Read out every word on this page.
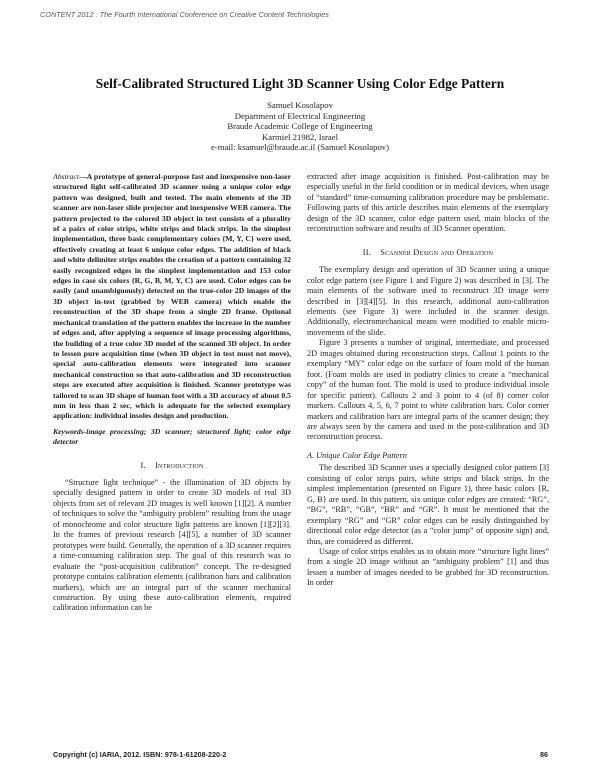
CONTENT 2012 : The Fourth International Conference on Creative Content Technologies
Self-Calibrated Structured Light 3D Scanner Using Color Edge Pattern
Samuel Kosolapov
Department of Electrical Engineering
Braude Academic College of Engineering
Karmiel 21982, Israel
e-mail: ksamuel@braude.ac.il (Samuel Kosolapov)
Abstract—A prototype of general-purpose fast and inexpensive non-laser structured light self-calibrated 3D scanner using a unique color edge pattern was designed, built and tested. The main elements of the 3D scanner are non-laser slide projector and inexpensive WEB camera. The pattern projected to the colored 3D object in test consists of a plurality of a pairs of color strips, white strips and black strips. In the simplest implementation, three basic complementary colors {M, Y, C} were used, effectively creating at least 6 unique color edges. The addition of black and white delimiter strips enables the creation of a pattern containing 32 easily recognized edges in the simplest implementation and 153 color edges in case six colors {R, G, B, M, Y, C} are used. Color edges can be easily (and unambiguously) detected on the true-color 2D images of the 3D object in-test (grabbed by WEB camera) which enable the reconstruction of the 3D shape from a single 2D frame. Optional mechanical translation of the pattern enables the increase in the number of edges and, after applying a sequence of image processing algorithms, the building of a true color 3D model of the scanned 3D object. In order to lessen pure acquisition time (when 3D object in test must not move), special auto-calibration elements were integrated into scanner mechanical construction so that auto-calibration and 3D reconstruction steps are executed after acquisition is finished. Scanner prototype was tailored to scan 3D shape of human foot with a 3D accuracy of about 0.5 mm in less than 2 sec, which is adequate for the selected exemplary application: individual insoles design and production.
Keywords-image processing; 3D scanner; structured light; color edge detector
I. Introduction

“Structure light technique” - the illumination of 3D objects by specially designed pattern in order to create 3D models of real 3D objects from set of relevant 2D images is well known [1][2]. A number of techniques to solve the “ambiguity problem” resulting from the usage of monochrome and color structure light patterns are known [1][2][3]. In the frames of previous research [4][5], a number of 3D scanner prototypes were build. Generally, the operation of a 3D scanner requires a time-consuming calibration step. The goal of this research was to evaluate the “post-acquisition calibration” concept. The re-designed prototype contains calibration elements (calibration bars and calibration markers), which are an integral part of the scanner mechanical construction. By using these auto-calibration elements, required calibration information can be

extracted after image acquisition is finished. Post-calibration may be especially useful in the field condition or in medical devices, when usage of “standard” time-consuming calibration procedure may be problematic. Following parts of this article describes main elements of the exemplary design of the 3D scanner, color edge pattern used, main blocks of the reconstruction software and results of 3D Scanner operation.

II. Scanner Design and Operation

The exemplary design and operation of 3D Scanner using a unique color edge pattern (see Figure 1 and Figure 2) was described in [3]. The main elements of the software used to reconstruct 3D image were described in [3][4][5]. In this research, additional auto-calibration elements (see Figure 3) were included in the scanner design. Additionally, electromechanical means were modified to enable micro-movements of the slide.

Figure 3 presents a number of original, intermediate, and processed 2D images obtained during reconstruction steps. Callout 1 points to the exemplary “MY” color edge on the surface of foam mold of the human foot. (Foam molds are used in podiatry clinics to create a “mechanical copy” of the human foot. The mold is used to produce individual insole for specific patient). Callouts 2 and 3 point to 4 (of 8) corner color markers. Callouts 4, 5, 6, 7 point to white calibration bars. Color corner markers and calibration bars are integral parts of the scanner design; they are always seen by the camera and used in the post-calibration and 3D reconstruction process.

A. Unique Color Edge Pattern

The described 3D Scanner uses a specially designed color pattern [3] consisting of color strips pairs, white strips and black strips. In the simplest implementation (presented on Figure 1), three basic colors {R, G, B} are used. In this pattern, six unique color edges are created: “RG”, “BG”, “RB”, “GB”, “BR” and “GR”. It must be mentioned that the exemplary “RG” and “GR” color edges can be easily distinguished by directional color edge detector (as a “color jump” of opposite sign) and, thus, are considered as different.

Usage of color strips enables us to obtain more “structure light lines” from a single 2D image without an “ambiguity problem” [1] and thus lessen a number of images needed to be grabbed for 3D reconstruction. In order

Copyright (c) IARIA, 2012. ISBN: 978-1-61208-220-2	86
